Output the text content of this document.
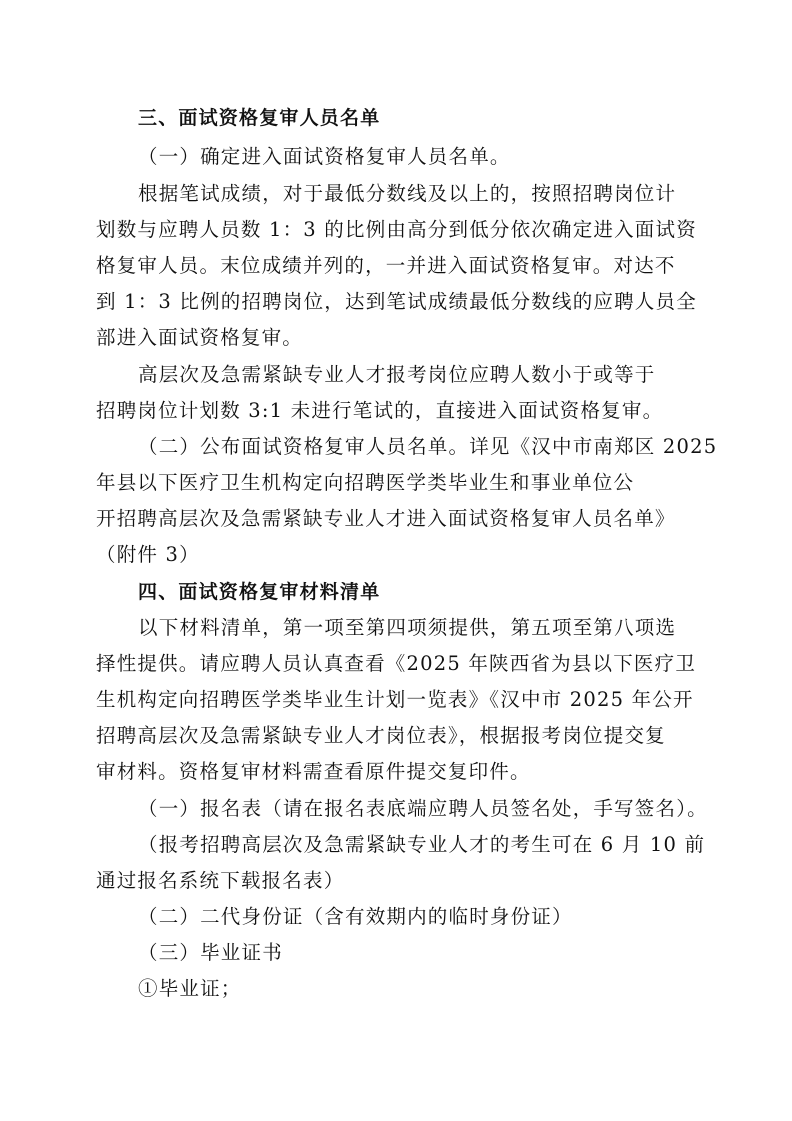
三、面试资格复审人员名单
（一）确定进入面试资格复审人员名单。
根据笔试成绩，对于最低分数线及以上的，按照招聘岗位计
划数与应聘人员数 1：3 的比例由高分到低分依次确定进入面试资
格复审人员。末位成绩并列的，一并进入面试资格复审。对达不
到 1：3 比例的招聘岗位，达到笔试成绩最低分数线的应聘人员全
部进入面试资格复审。
高层次及急需紧缺专业人才报考岗位应聘人数小于或等于
招聘岗位计划数 3:1 未进行笔试的，直接进入面试资格复审。
（二）公布面试资格复审人员名单。详见《汉中市南郑区 2025
年县以下医疗卫生机构定向招聘医学类毕业生和事业单位公
开招聘高层次及急需紧缺专业人才进入面试资格复审人员名单》
（附件 3）
四、面试资格复审材料清单
以下材料清单，第一项至第四项须提供，第五项至第八项选
择性提供。请应聘人员认真查看《2025 年陕西省为县以下医疗卫
生机构定向招聘医学类毕业生计划一览表》《汉中市 2025 年公开
招聘高层次及急需紧缺专业人才岗位表》，根据报考岗位提交复
审材料。资格复审材料需查看原件提交复印件。
（一）报名表（请在报名表底端应聘人员签名处，手写签名）。
（报考招聘高层次及急需紧缺专业人才的考生可在 6 月 10 前
通过报名系统下载报名表）
（二）二代身份证（含有效期内的临时身份证）
（三）毕业证书
①毕业证；
